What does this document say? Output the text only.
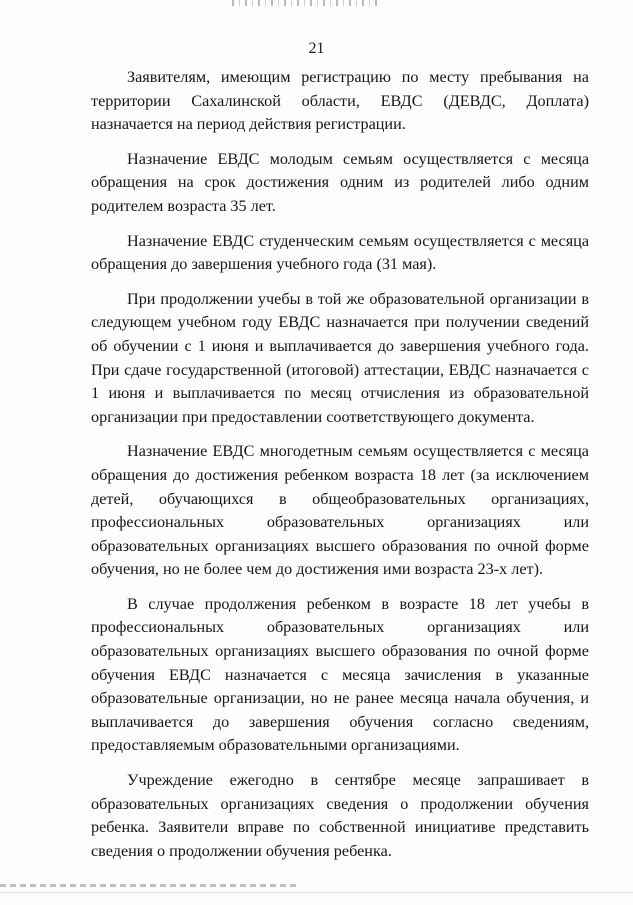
21

Заявителям, имеющим регистрацию по месту пребывания на территории Сахалинской области, ЕВДС (ДЕВДС, Доплата) назначается на период действия регистрации.

Назначение ЕВДС молодым семьям осуществляется с месяца обращения на срок достижения одним из родителей либо одним родителем возраста 35 лет.

Назначение ЕВДС студенческим семьям осуществляется с месяца обращения до завершения учебного года (31 мая).

При продолжении учебы в той же образовательной организации в следующем учебном году ЕВДС назначается при получении сведений об обучении с 1 июня и выплачивается до завершения учебного года. При сдаче государственной (итоговой) аттестации, ЕВДС назначается с 1 июня и выплачивается по месяц отчисления из образовательной организации при предоставлении соответствующего документа.

Назначение ЕВДС многодетным семьям осуществляется с месяца обращения до достижения ребенком возраста 18 лет (за исключением детей, обучающихся в общеобразовательных организациях, профессиональных образовательных организациях или образовательных организациях высшего образования по очной форме обучения, но не более чем до достижения ими возраста 23-х лет).

В случае продолжения ребенком в возрасте 18 лет учебы в профессиональных образовательных организациях или образовательных организациях высшего образования по очной форме обучения ЕВДС назначается с месяца зачисления в указанные образовательные организации, но не ранее месяца начала обучения, и выплачивается до завершения обучения согласно сведениям, предоставляемым образовательными организациями.

Учреждение ежегодно в сентябре месяце запрашивает в образовательных организациях сведения о продолжении обучения ребенка. Заявители вправе по собственной инициативе представить сведения о продолжении обучения ребенка.
